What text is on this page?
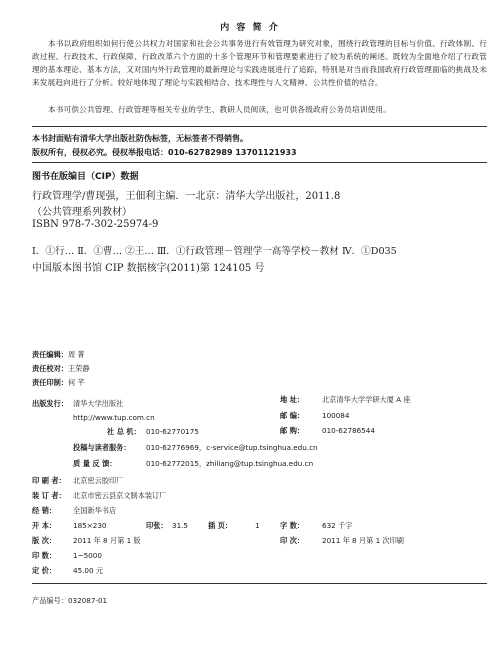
内 容 简 介
本书以政府组织如何行使公共权力对国家和社会公共事务进行有效管理为研究对象，围绕行政管理的目标与价值、行政体制、行政过程、行政技术、行政保障、行政改革六个方面的十多个管理环节和管理要素进行了较为系统的阐述。既较为全面地介绍了行政管理的基本理论、基本方法，又对国内外行政管理的最新理论与实践进展进行了追踪，特别是对当前我国政府行政管理面临的挑战及未来发展趋向进行了分析。较好地体现了理论与实践相结合、技术理性与人文精神、公共性价值的结合。
本书可供公共管理、行政管理等相关专业的学生、教研人员阅读，也可供各级政府公务员培训使用。
本书封面贴有清华大学出版社防伪标签，无标签者不得销售。
版权所有，侵权必究。侵权举报电话：010-62782989 13701121933
图书在版编目（CIP）数据
行政管理学/曹现强，王佃利主编．一北京：清华大学出版社，2011.8
（公共管理系列教材）
ISBN 978-7-302-25974-9
Ⅰ．①行… Ⅱ．①曹… ②王… Ⅲ．①行政管理－管理学一高等学校－教材 Ⅳ．①D035
中国版本图书馆 CIP 数据核字(2011)第 124105 号
责任编辑：周 菁
责任校对：王荣静
责任印制：何 芊
出版发行： 清华大学出版社	地 址： 北京清华大学学研大厦 A 座
http://www.tup.com.cn	邮 编： 100084
社 总 机： 010-62770175	邮 购： 010-62786544
投稿与读者服务： 010-62776969，c-service@tup.tsinghua.edu.cn
质 量 反 馈：	010-62772015，zhiliang@tup.tsinghua.edu.cn
印 刷 者： 北京密云胶印厂
装 订 者： 北京市密云县京文制本装订厂
经 销： 全国新华书店
开 本： 185×230	印张： 31.5	插 页：	1	字 数： 632 千字
版 次： 2011 年 8 月第 1 版	印 次： 2011 年 8 月第 1 次印刷
印 数： 1~5000
定 价： 45.00 元
产品编号：032087-01
